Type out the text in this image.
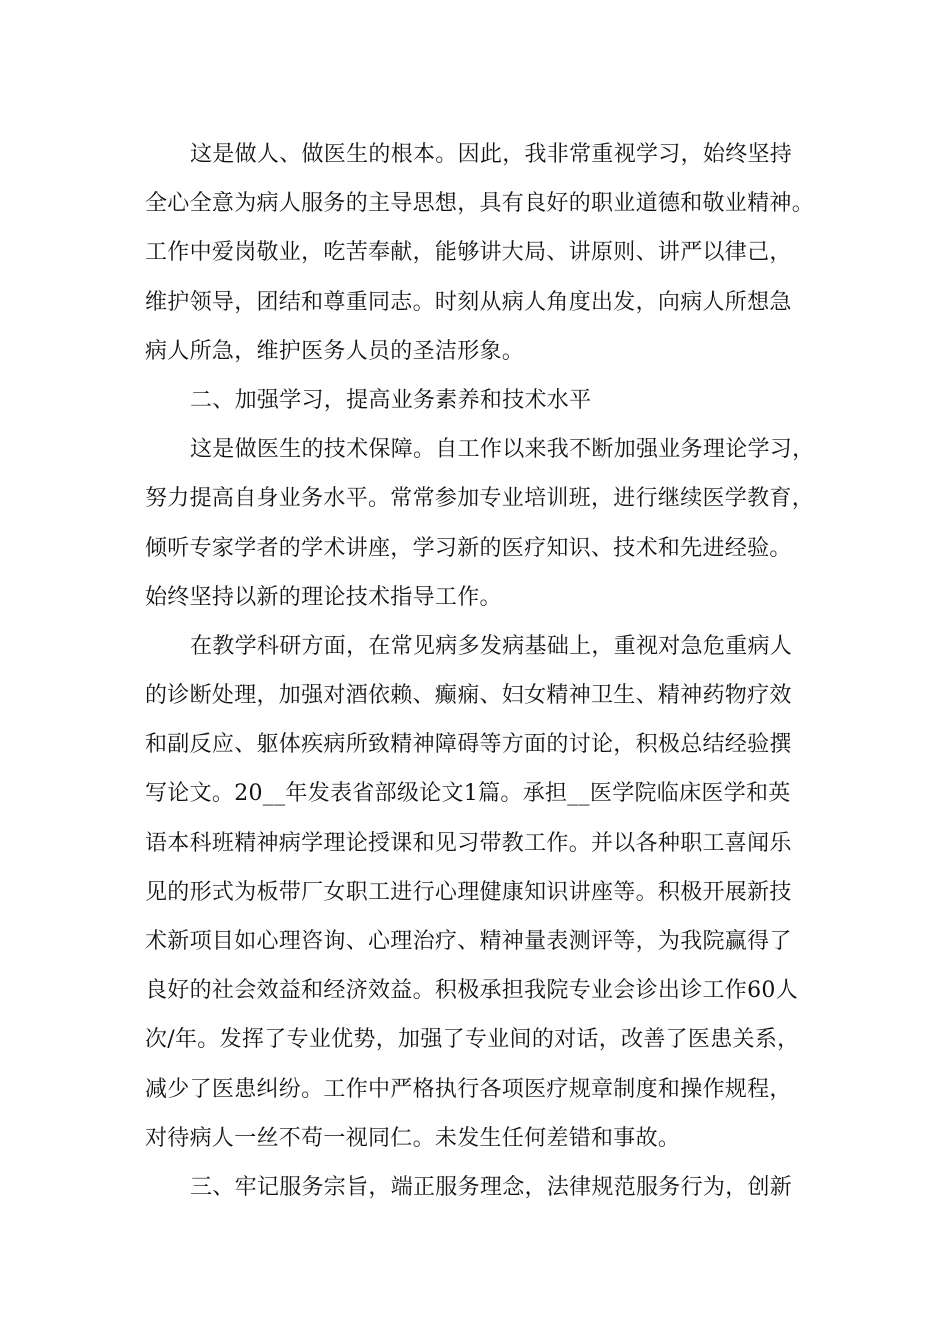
这是做人、做医生的根本。因此，我非常重视学习，始终坚持
全心全意为病人服务的主导思想，具有良好的职业道德和敬业精神。
工作中爱岗敬业，吃苦奉献，能够讲大局、讲原则、讲严以律己，
维护领导，团结和尊重同志。时刻从病人角度出发，向病人所想急
病人所急，维护医务人员的圣洁形象。
二、加强学习，提高业务素养和技术水平
这是做医生的技术保障。自工作以来我不断加强业务理论学习，
努力提高自身业务水平。常常参加专业培训班，进行继续医学教育，
倾听专家学者的学术讲座，学习新的医疗知识、技术和先进经验。
始终坚持以新的理论技术指导工作。
在教学科研方面，在常见病多发病基础上，重视对急危重病人
的诊断处理，加强对酒依赖、癫痫、妇女精神卫生、精神药物疗效
和副反应、躯体疾病所致精神障碍等方面的讨论，积极总结经验撰
写论文。20__年发表省部级论文1篇。承担__医学院临床医学和英
语本科班精神病学理论授课和见习带教工作。并以各种职工喜闻乐
见的形式为板带厂女职工进行心理健康知识讲座等。积极开展新技
术新项目如心理咨询、心理治疗、精神量表测评等，为我院赢得了
良好的社会效益和经济效益。积极承担我院专业会诊出诊工作60人
次/年。发挥了专业优势，加强了专业间的对话，改善了医患关系，
减少了医患纠纷。工作中严格执行各项医疗规章制度和操作规程，
对待病人一丝不苟一视同仁。未发生任何差错和事故。
三、牢记服务宗旨，端正服务理念，法律规范服务行为，创新
